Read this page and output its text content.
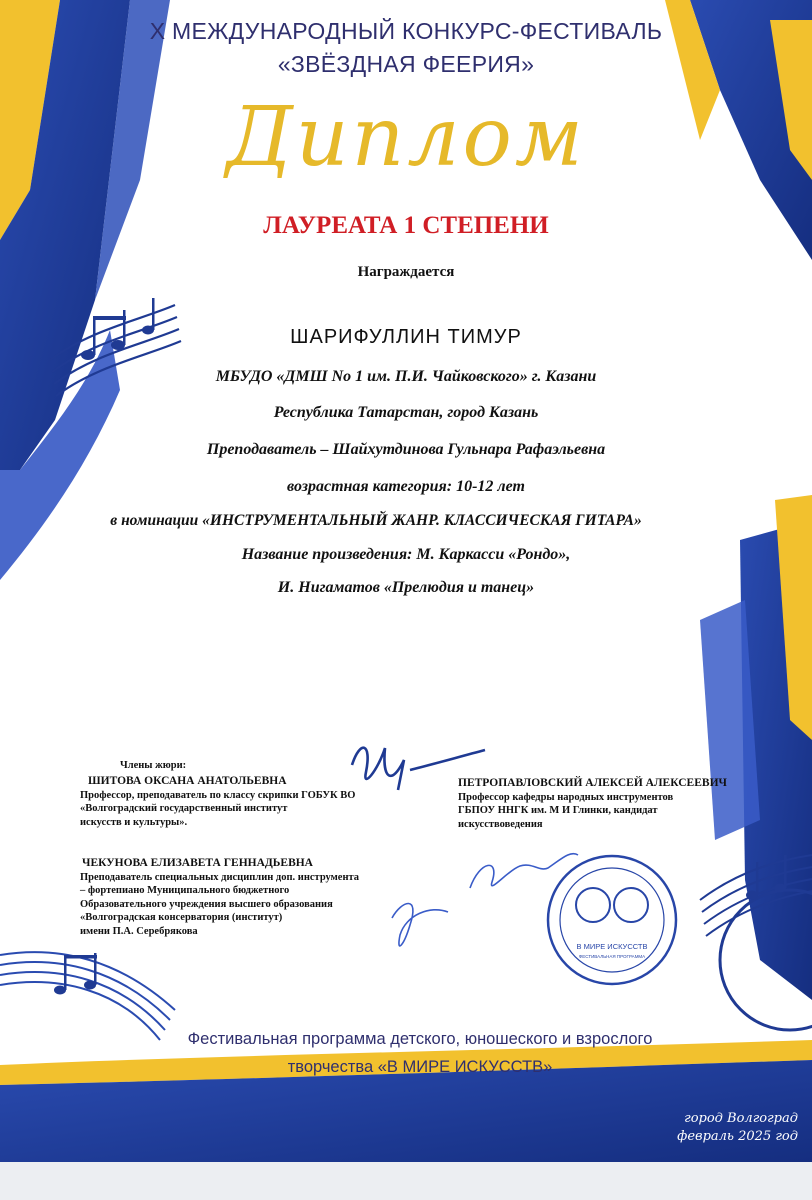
В МИРЕ ИСКУССТВ
ФЕСТИВАЛЬНАЯ ПРОГРАММА
X МЕЖДУНАРОДНЫЙ КОНКУРС-ФЕСТИВАЛЬ
«ЗВЁЗДНАЯ ФЕЕРИЯ»
Диплом
ЛАУРЕАТА 1 СТЕПЕНИ
Награждается
ШАРИФУЛЛИН ТИМУР
МБУДО «ДМШ No 1 им. П.И. Чайковского» г. Казани
Республика Татарстан, город Казань
Преподаватель – Шайхутдинова Гульнара Рафаэльевна
возрастная категория: 10-12 лет
в номинации «ИНСТРУМЕНТАЛЬНЫЙ ЖАНР. КЛАССИЧЕСКАЯ ГИТАРА»
Название произведения: М. Каркасси «Рондо»,
И. Нигаматов «Прелюдия и танец»
Члены жюри:
ШИТОВА ОКСАНА АНАТОЛЬЕВНА
Профессор, преподаватель по классу скрипки ГОБУК ВО
«Волгоградский государственный институт
искусств и культуры».
ЧЕКУНОВА ЕЛИЗАВЕТА ГЕННАДЬЕВНА
Преподаватель специальных дисциплин доп. инструмента
– фортепиано Муниципального бюджетного
Образовательного учреждения высшего образования
«Волгоградская консерватория (институт)
имени П.А. Серебрякова
ПЕТРОПАВЛОВСКИЙ АЛЕКСЕЙ АЛЕКСЕЕВИЧ
Профессор кафедры народных инструментов
ГБПОУ ННГК им. М И Глинки, кандидат
искусствоведения
Фестивальная программа детского, юношеского и взрослого
творчества «В МИРЕ ИСКУССТВ»
город Волгоград
февраль 2025 год
